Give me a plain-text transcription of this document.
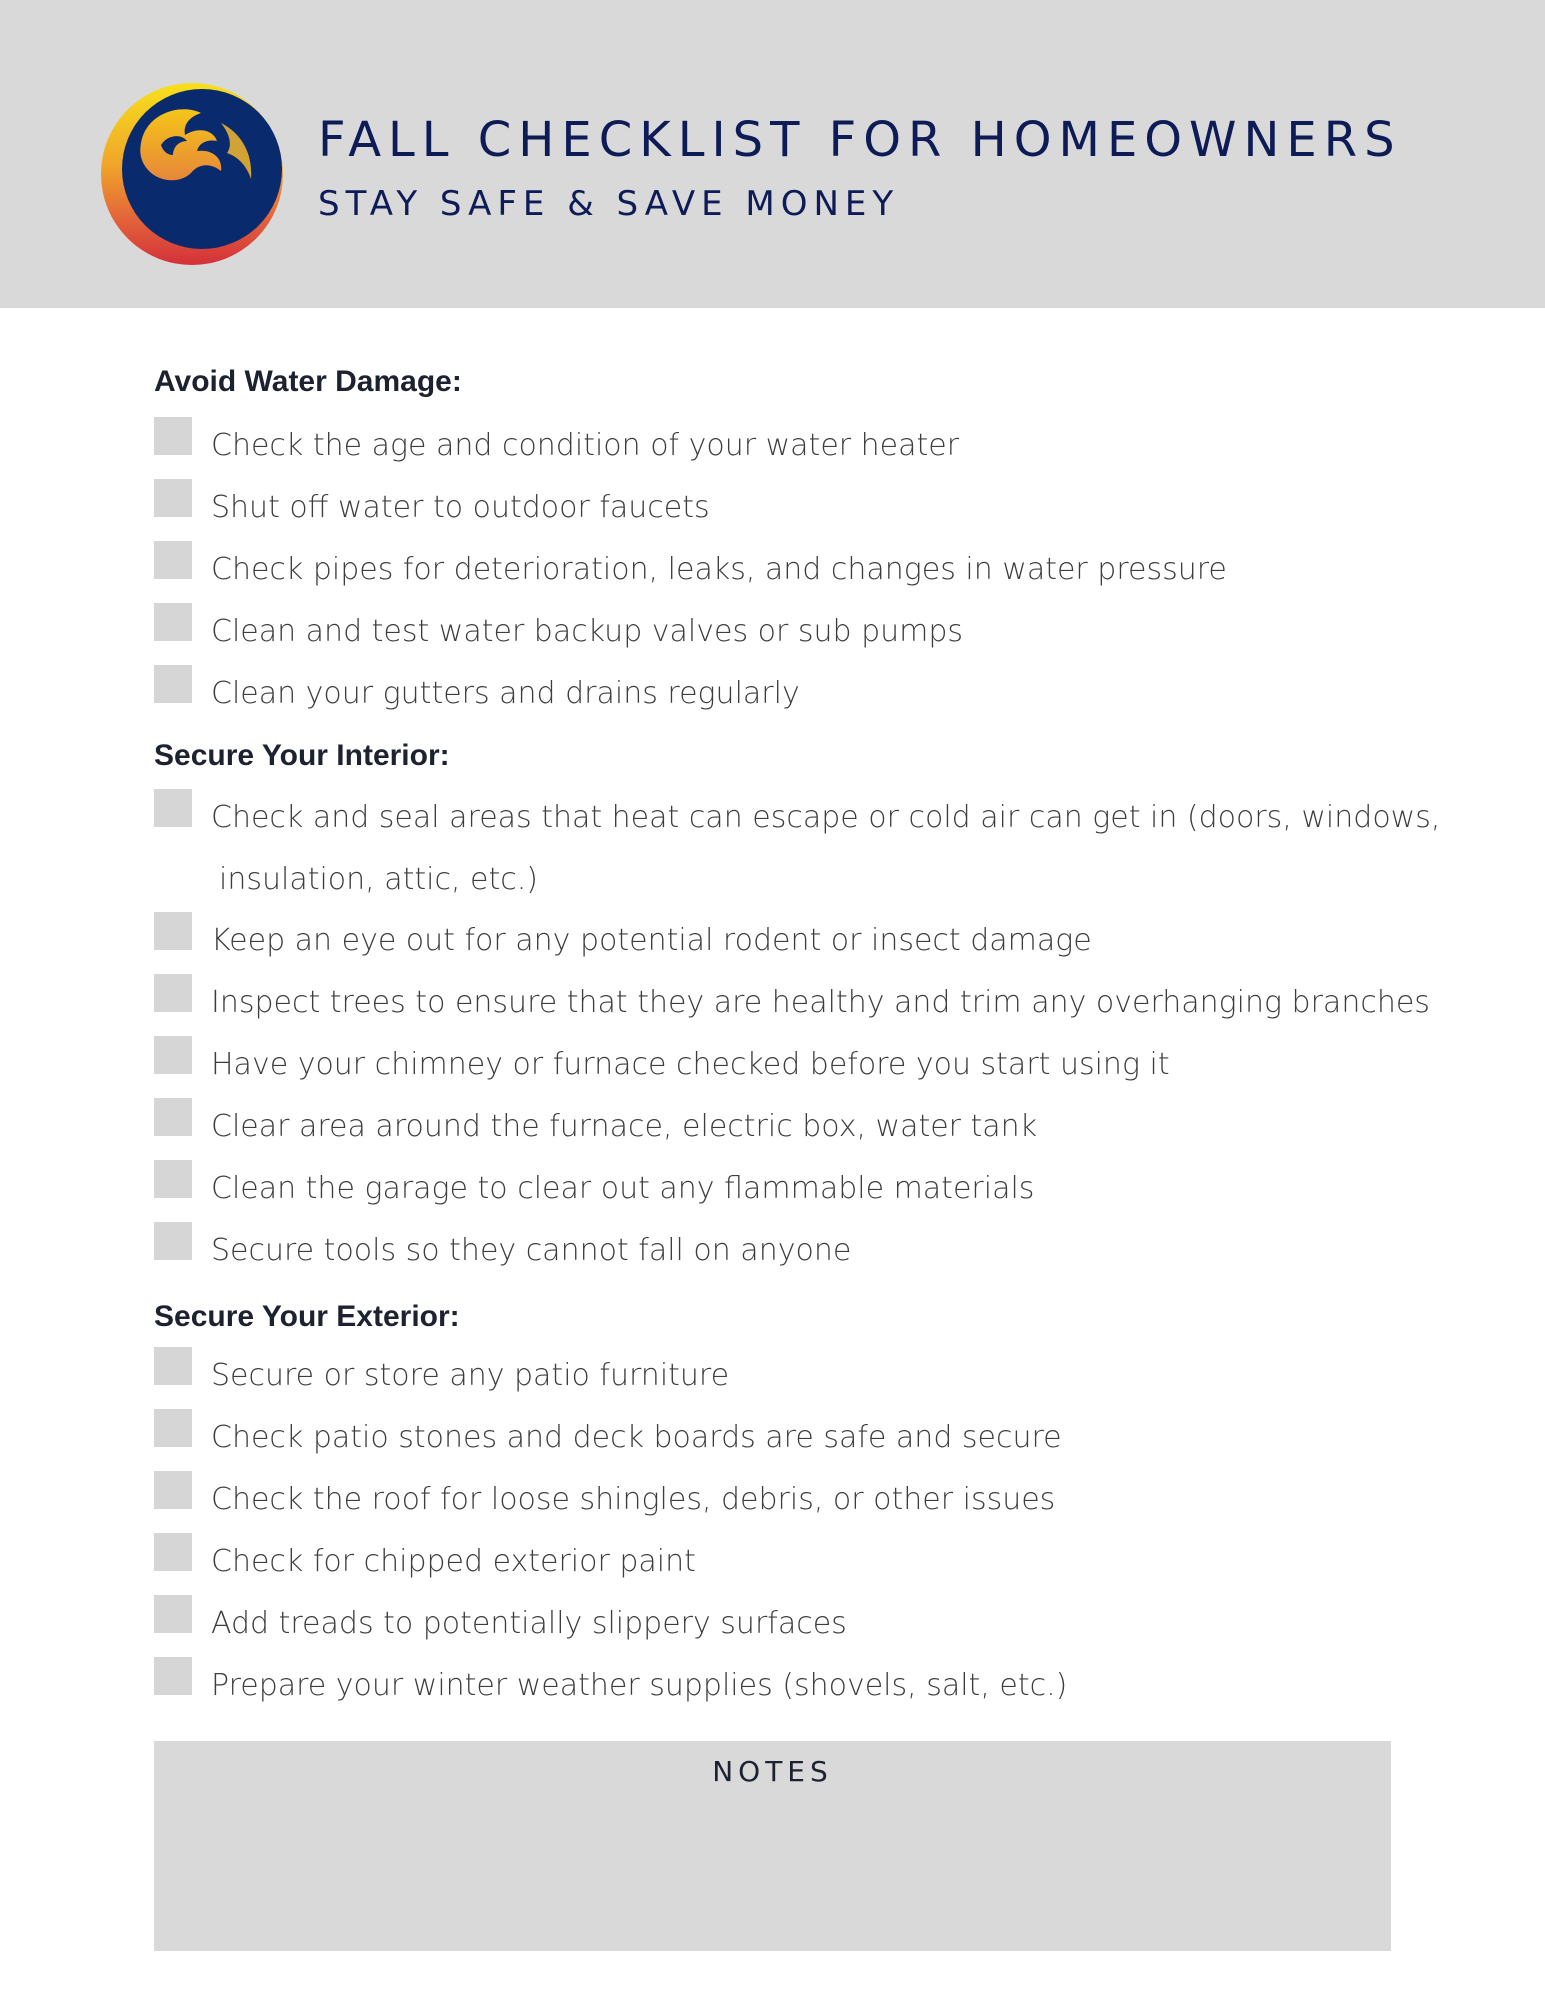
FALL CHECKLIST FOR HOMEOWNERS
STAY SAFE & SAVE MONEY
Avoid Water Damage:
Check the age and condition of your water heater
Shut off water to outdoor faucets
Check pipes for deterioration, leaks, and changes in water pressure
Clean and test water backup valves or sub pumps
Clean your gutters and drains regularly
Secure Your Interior:
Check and seal areas that heat can escape or cold air can get in (doors, windows,
insulation, attic, etc.)
Keep an eye out for any potential rodent or insect damage
Inspect trees to ensure that they are healthy and trim any overhanging branches
Have your chimney or furnace checked before you start using it
Clear area around the furnace, electric box, water tank
Clean the garage to clear out any flammable materials
Secure tools so they cannot fall on anyone
Secure Your Exterior:
Secure or store any patio furniture
Check patio stones and deck boards are safe and secure
Check the roof for loose shingles, debris, or other issues
Check for chipped exterior paint
Add treads to potentially slippery surfaces
Prepare your winter weather supplies (shovels, salt, etc.)
NOTES
